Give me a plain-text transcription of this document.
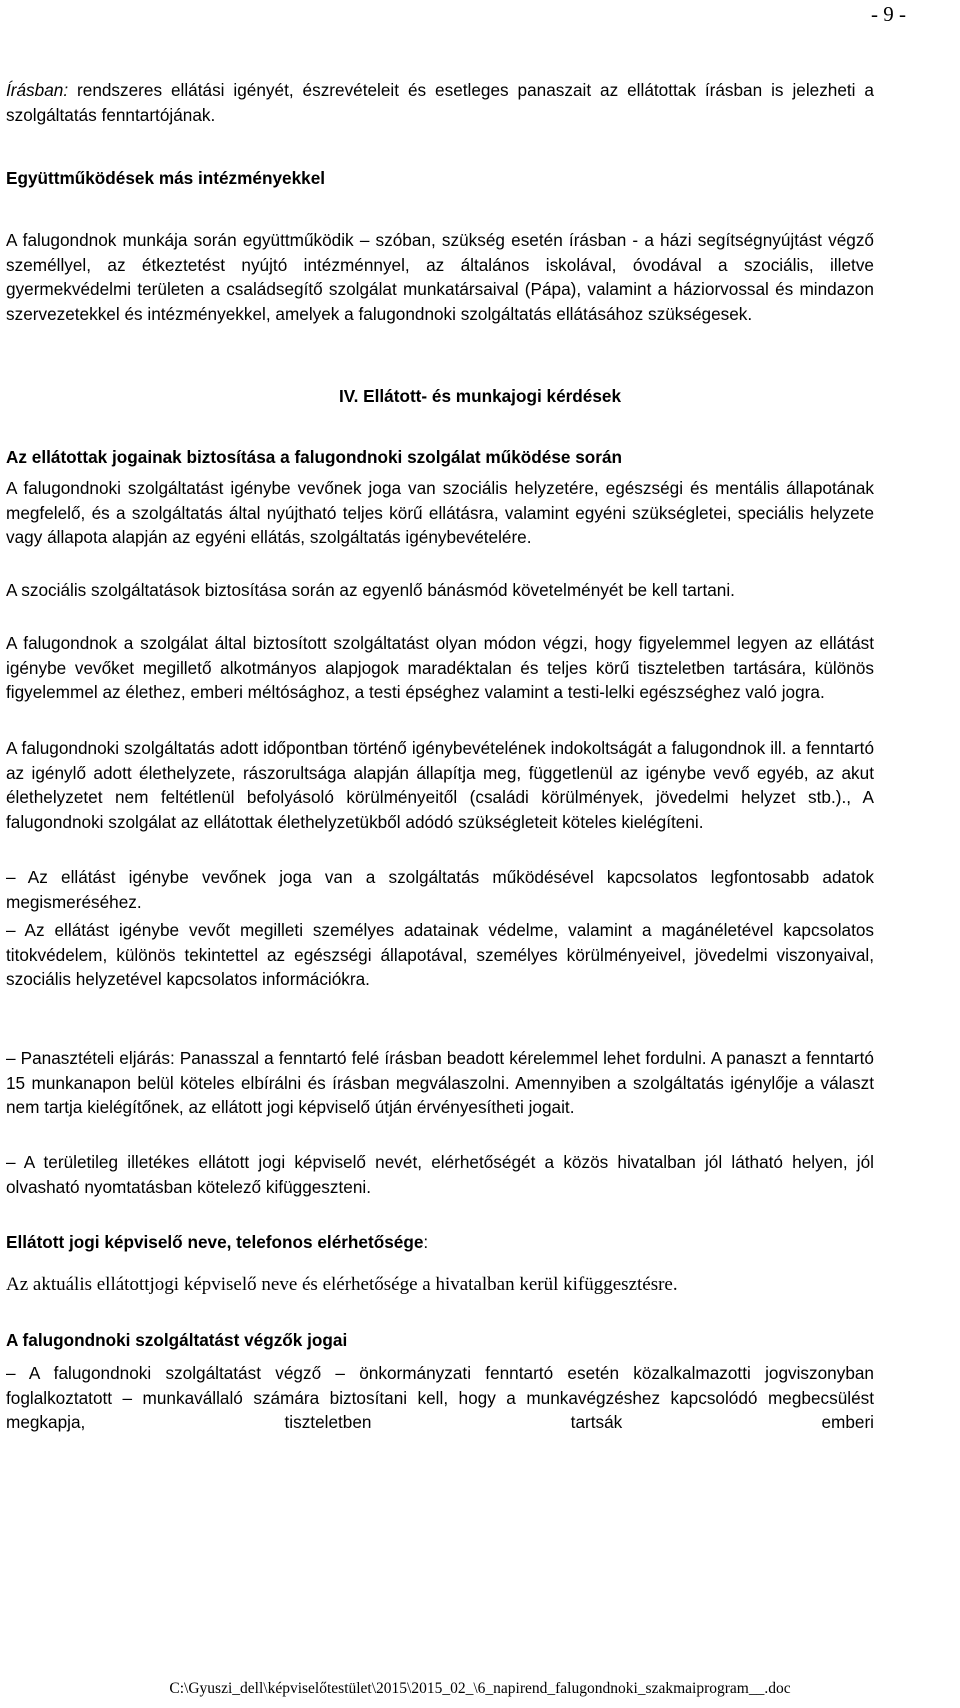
- 9 -

Írásban: rendszeres ellátási igényét, észrevételeit és esetleges panaszait az ellátottak írásban is jelezheti a szolgáltatás fenntartójának.

Együttműködések más intézményekkel

A falugondnok munkája során együttműködik – szóban, szükség esetén írásban - a házi segítségnyújtást végző személlyel, az étkeztetést nyújtó intézménnyel, az általános iskolával, óvodával a szociális, illetve gyermekvédelmi területen a családsegítő szolgálat munkatársaival (Pápa), valamint a háziorvossal és mindazon szervezetekkel és intézményekkel, amelyek a falugondnoki szolgáltatás ellátásához szükségesek.

IV. Ellátott- és munkajogi kérdések

Az ellátottak jogainak biztosítása a falugondnoki szolgálat működése során

A falugondnoki szolgáltatást igénybe vevőnek joga van szociális helyzetére, egészségi és mentális állapotának megfelelő, és a szolgáltatás által nyújtható teljes körű ellátásra, valamint egyéni szükségletei, speciális helyzete vagy állapota alapján az egyéni ellátás, szolgáltatás igénybevételére.

A szociális szolgáltatások biztosítása során az egyenlő bánásmód követelményét be kell tartani.

A falugondnok a szolgálat által biztosított szolgáltatást olyan módon végzi, hogy figyelemmel legyen az ellátást igénybe vevőket megillető alkotmányos alapjogok maradéktalan és teljes körű tiszteletben tartására, különös figyelemmel az élethez, emberi méltósághoz, a testi épséghez valamint a testi-lelki egészséghez való jogra.

A falugondnoki szolgáltatás adott időpontban történő igénybevételének indokoltságát a falugondnok ill. a fenntartó az igénylő adott élethelyzete, rászorultsága alapján állapítja meg, függetlenül az igénybe vevő egyéb, az akut élethelyzetet nem feltétlenül befolyásoló körülményeitől (családi körülmények, jövedelmi helyzet stb.)., A falugondnoki szolgálat az ellátottak élethelyzetükből adódó szükségleteit köteles kielégíteni.

– Az ellátást igénybe vevőnek joga van a szolgáltatás működésével kapcsolatos legfontosabb adatok megismeréséhez.

– Az ellátást igénybe vevőt megilleti személyes adatainak védelme, valamint a magánéletével kapcsolatos titokvédelem, különös tekintettel az egészségi állapotával, személyes körülményeivel, jövedelmi viszonyaival, szociális helyzetével kapcsolatos információkra.

– Panasztételi eljárás: Panasszal a fenntartó felé írásban beadott kérelemmel lehet fordulni. A panaszt a fenntartó 15 munkanapon belül köteles elbírálni és írásban megválaszolni. Amennyiben a szolgáltatás igénylője a választ nem tartja kielégítőnek, az ellátott jogi képviselő útján érvényesítheti jogait.

– A területileg illetékes ellátott jogi képviselő nevét, elérhetőségét a közös hivatalban jól látható helyen, jól olvasható nyomtatásban kötelező kifüggeszteni.

Ellátott jogi képviselő neve, telefonos elérhetősége:

Az aktuális ellátottjogi képviselő neve és elérhetősége a hivatalban kerül kifüggesztésre.

A falugondnoki szolgáltatást végzők jogai

– A falugondnoki szolgáltatást végző – önkormányzati fenntartó esetén közalkalmazotti jogviszonyban foglalkoztatott – munkavállaló számára biztosítani kell, hogy a munkavégzéshez kapcsolódó megbecsülést megkapja, tiszteletben tartsák emberi

C:\Gyuszi_dell\képviselőtestület\2015\2015_02_\6_napirend_falugondnoki_szakmaiprogram__.doc
